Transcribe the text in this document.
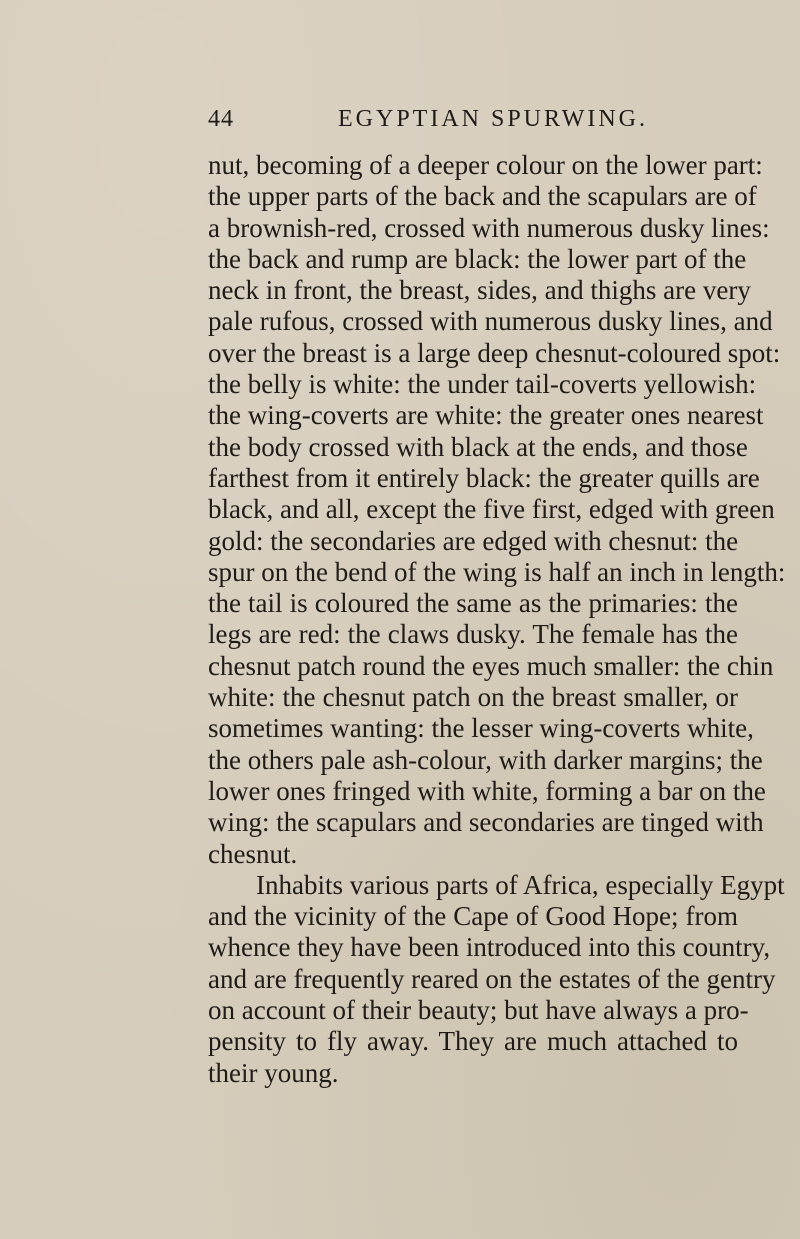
44	EGYPTIAN SPURWING.
nut, becoming of a deeper colour on the lower part:
the upper parts of the back and the scapulars are of
a brownish-red, crossed with numerous dusky lines:
the back and rump are black: the lower part of the
neck in front, the breast, sides, and thighs are very
pale rufous, crossed with numerous dusky lines, and
over the breast is a large deep chesnut-coloured spot:
the belly is white: the under tail-coverts yellowish:
the wing-coverts are white: the greater ones nearest
the body crossed with black at the ends, and those
farthest from it entirely black: the greater quills are
black, and all, except the five first, edged with green
gold: the secondaries are edged with chesnut: the
spur on the bend of the wing is half an inch in length:
the tail is coloured the same as the primaries: the
legs are red: the claws dusky. The female has the
chesnut patch round the eyes much smaller: the chin
white: the chesnut patch on the breast smaller, or
sometimes wanting: the lesser wing-coverts white,
the others pale ash-colour, with darker margins; the
lower ones fringed with white, forming a bar on the
wing: the scapulars and secondaries are tinged with
chesnut.
Inhabits various parts of Africa, especially Egypt
and the vicinity of the Cape of Good Hope; from
whence they have been introduced into this country,
and are frequently reared on the estates of the gentry
on account of their beauty; but have always a pro-
pensity to fly away. They are much attached to
their young.
